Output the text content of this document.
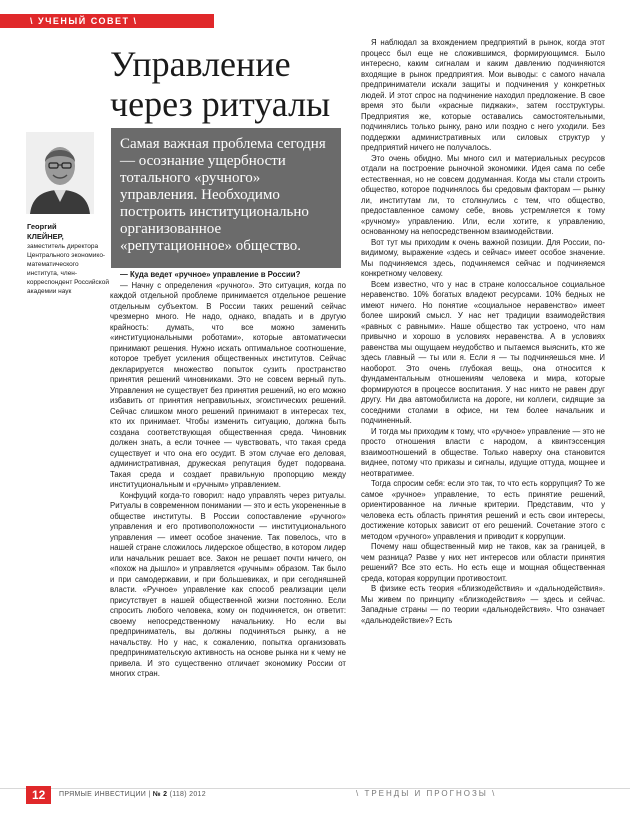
\ УЧЕНЫЙ СОВЕТ \
Управление через ритуалы
Георгий
КЛЕЙНЕР,
заместитель директора Центрального экономико-математического института, член-корреспондент Российской академии наук
Самая важная проблема сегодня — осознание ущербности тотального «ручного» управления. Необходимо построить институционально организованное «репутационное» общество.

— Куда ведет «ручное» управление в России?

— Начну с определения «ручного». Это ситуация, когда по каждой отдельной проблеме принимается отдельное решение отдельным субъектом. В России таких решений сейчас чрезмерно много. Не надо, однако, впадать и в другую крайность: думать, что все можно заменить «институциональными роботами», которые автоматически принимают решения. Нужно искать оптимальное соотношение, которое требует усиления общественных институтов. Сейчас декларируется множество попыток сузить пространство принятия решений чиновниками. Это не совсем верный путь. Управления не существует без принятия решений, но его можно избавить от принятия неправильных, эгоистических решений. Сейчас слишком много решений принимают в интересах тех, кто их принимает. Чтобы изменить ситуацию, должна быть создана соответствующая общественная среда. Чиновник должен знать, а если точнее — чувствовать, что такая среда существует и что она его осудит. В этом случае его деловая, административная, дружеская репутация будет подорвана. Такая среда и создает правильную пропорцию между институциональным и «ручным» управлением.

Конфуций когда-то говорил: надо управлять через ритуалы. Ритуалы в современном понимании — это и есть укорененные в обществе институты. В России сопоставление «ручного» управления и его противоположности — институционального управления — имеет особое значение. Так повелось, что в нашей стране сложилось лидерское общество, в котором лидер или начальник решает все. Закон не решает почти ничего, он «похож на дышло» и управляется «ручным» образом. Так было и при самодержавии, и при большевиках, и при сегодняшней власти. «Ручное» управление как способ реализации цели присутствует в нашей общественной жизни постоянно. Если спросить любого человека, кому он подчиняется, он ответит: своему непосредственному начальнику. Но если вы предприниматель, вы должны подчиняться рынку, а не начальству. Но у нас, к сожалению, попытка организовать предпринимательскую активность на основе рынка ни к чему не привела. И это существенно отличает экономику России от многих стран.

Я наблюдал за вхождением предприятий в рынок, когда этот процесс был еще не сложившимся, формирующимся. Было интересно, каким сигналам и каким давлению подчиняются входящие в рынок предприятия. Мои выводы: с самого начала предприниматели искали защиты и подчинения у конкретных людей. И этот спрос на подчинение находил предложение. В свое время это были «красные пиджаки», затем госструктуры. Предприятия же, которые оставались самостоятельными, подчинялись только рынку, рано или поздно с него уходили. Без поддержки административных или силовых структур у предприятий ничего не получалось.

Это очень обидно. Мы много сил и материальных ресурсов отдали на построение рыночной экономики. Идея сама по себе естественная, но не совсем додуманная. Когда мы стали строить общество, которое подчинялось бы средовым факторам — рынку ли, институтам ли, то столкнулись с тем, что общество, предоставленное самому себе, вновь устремляется к тому «ручному» управлению. Или, если хотите, к управлению, основанному на непосредственном взаимодействии.

Вот тут мы приходим к очень важной позиции. Для России, по-видимому, выражение «здесь и сейчас» имеет особое значение. Мы подчиняемся здесь, подчиняемся сейчас и подчиняемся конкретному человеку.

Всем известно, что у нас в стране колоссальное социальное неравенство. 10% богатых владеют ресурсами. 10% бедных не имеют ничего. Но понятие «социальное неравенство» имеет более широкий смысл. У нас нет традиции взаимодействия «равных с равными». Наше общество так устроено, что нам привычно и хорошо в условиях неравенства. А в условиях равенства мы ощущаем неудобство и пытаемся выяснить, кто же здесь главный — ты или я. Если я — ты подчиняешься мне. И наоборот. Это очень глубокая вещь, она относится к фундаментальным отношениям человека и мира, которые формируются в процессе воспитания. У нас никто не равен друг другу. Ни два автомобилиста на дороге, ни коллеги, сидящие за соседними столами в офисе, ни тем более начальник и подчиненный.

И тогда мы приходим к тому, что «ручное» управление — это не просто отношения власти с народом, а квинтэссенция взаимоотношений в обществе. Только наверху она становится виднее, потому что приказы и сигналы, идущие оттуда, мощнее и неотвратимее.

Тогда спросим себя: если это так, то что есть коррупция? То же самое «ручное» управление, то есть принятие решений, ориентированное на личные критерии. Представим, что у человека есть область принятия решений и есть свои интересы, достижение которых зависит от его решений. Сочетание этого с методом «ручного» управления и приводит к коррупции.

Почему наш общественный мир не таков, как за границей, в чем разница? Разве у них нет интересов или области принятия решений? Все это есть. Но есть еще и мощная общественная среда, которая коррупции противостоит.

В физике есть теория «близкодействия» и «дальнодействия». Мы живем по принципу «близкодействия» — здесь и сейчас. Западные страны — по теории «дальнодействия». Что означает «дальнодействие»? Есть

12	ПРЯМЫЕ ИНВЕСТИЦИИ | № 2 (118) 2012	\ ТРЕНДЫ И ПРОГНОЗЫ \
